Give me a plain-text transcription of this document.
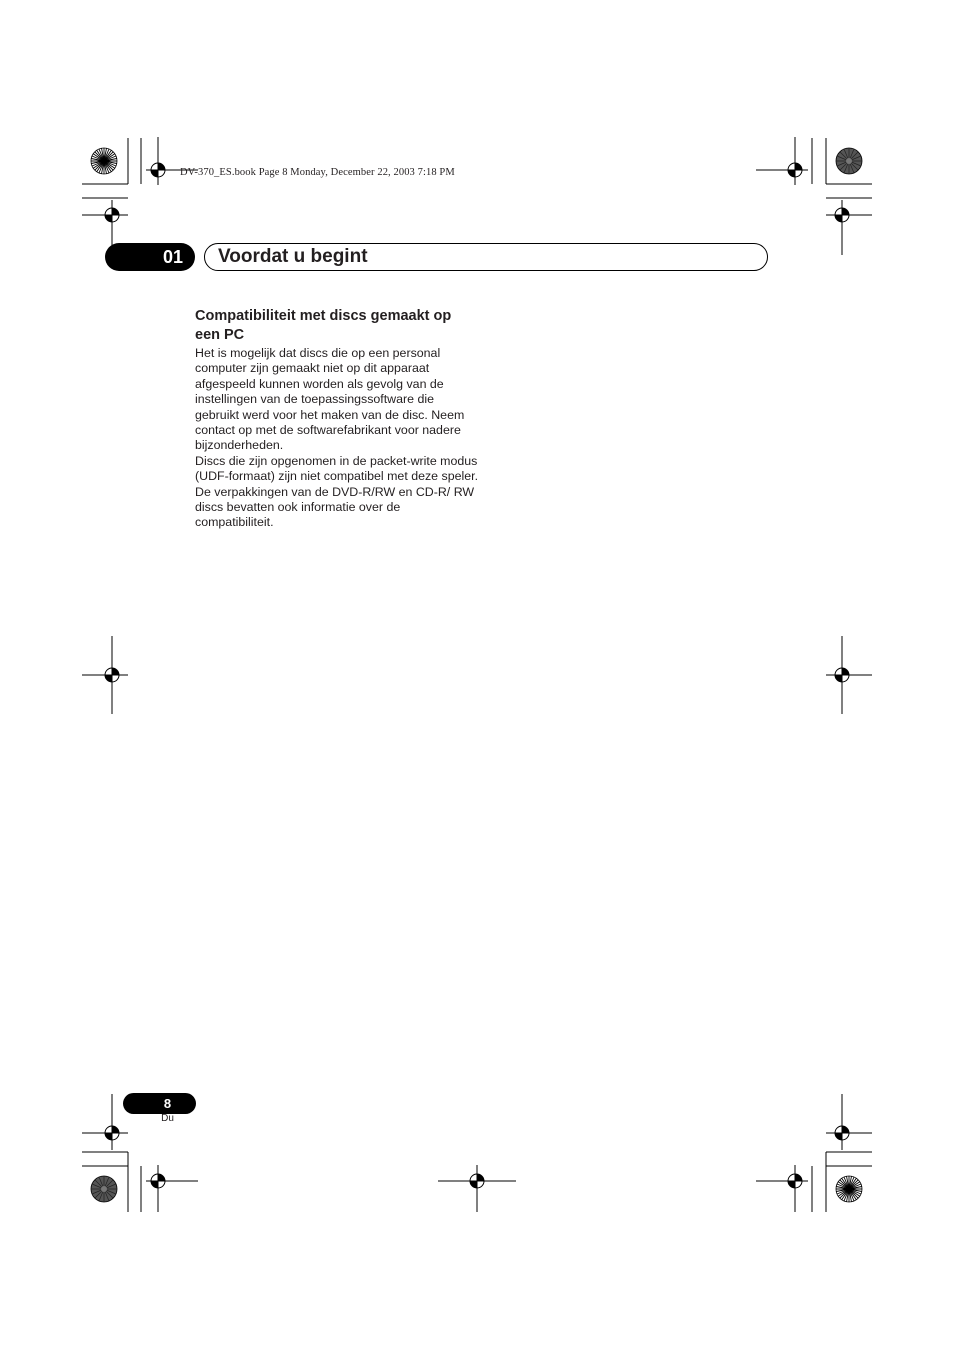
DV-370_ES.book Page 8 Monday, December 22, 2003 7:18 PM
01	Voordat u begint
Compatibiliteit met discs gemaakt op een PC

Het is mogelijk dat discs die op een personal computer zijn gemaakt niet op dit apparaat afgespeeld kunnen worden als gevolg van de instellingen van de toepassingssoftware die gebruikt werd voor het maken van de disc. Neem contact op met de softwarefabrikant voor nadere bijzonderheden.

Discs die zijn opgenomen in de packet-write modus (UDF-formaat) zijn niet compatibel met deze speler.

De verpakkingen van de DVD-R/RW en CD-R/ RW discs bevatten ook informatie over de compatibiliteit.

8
Du
